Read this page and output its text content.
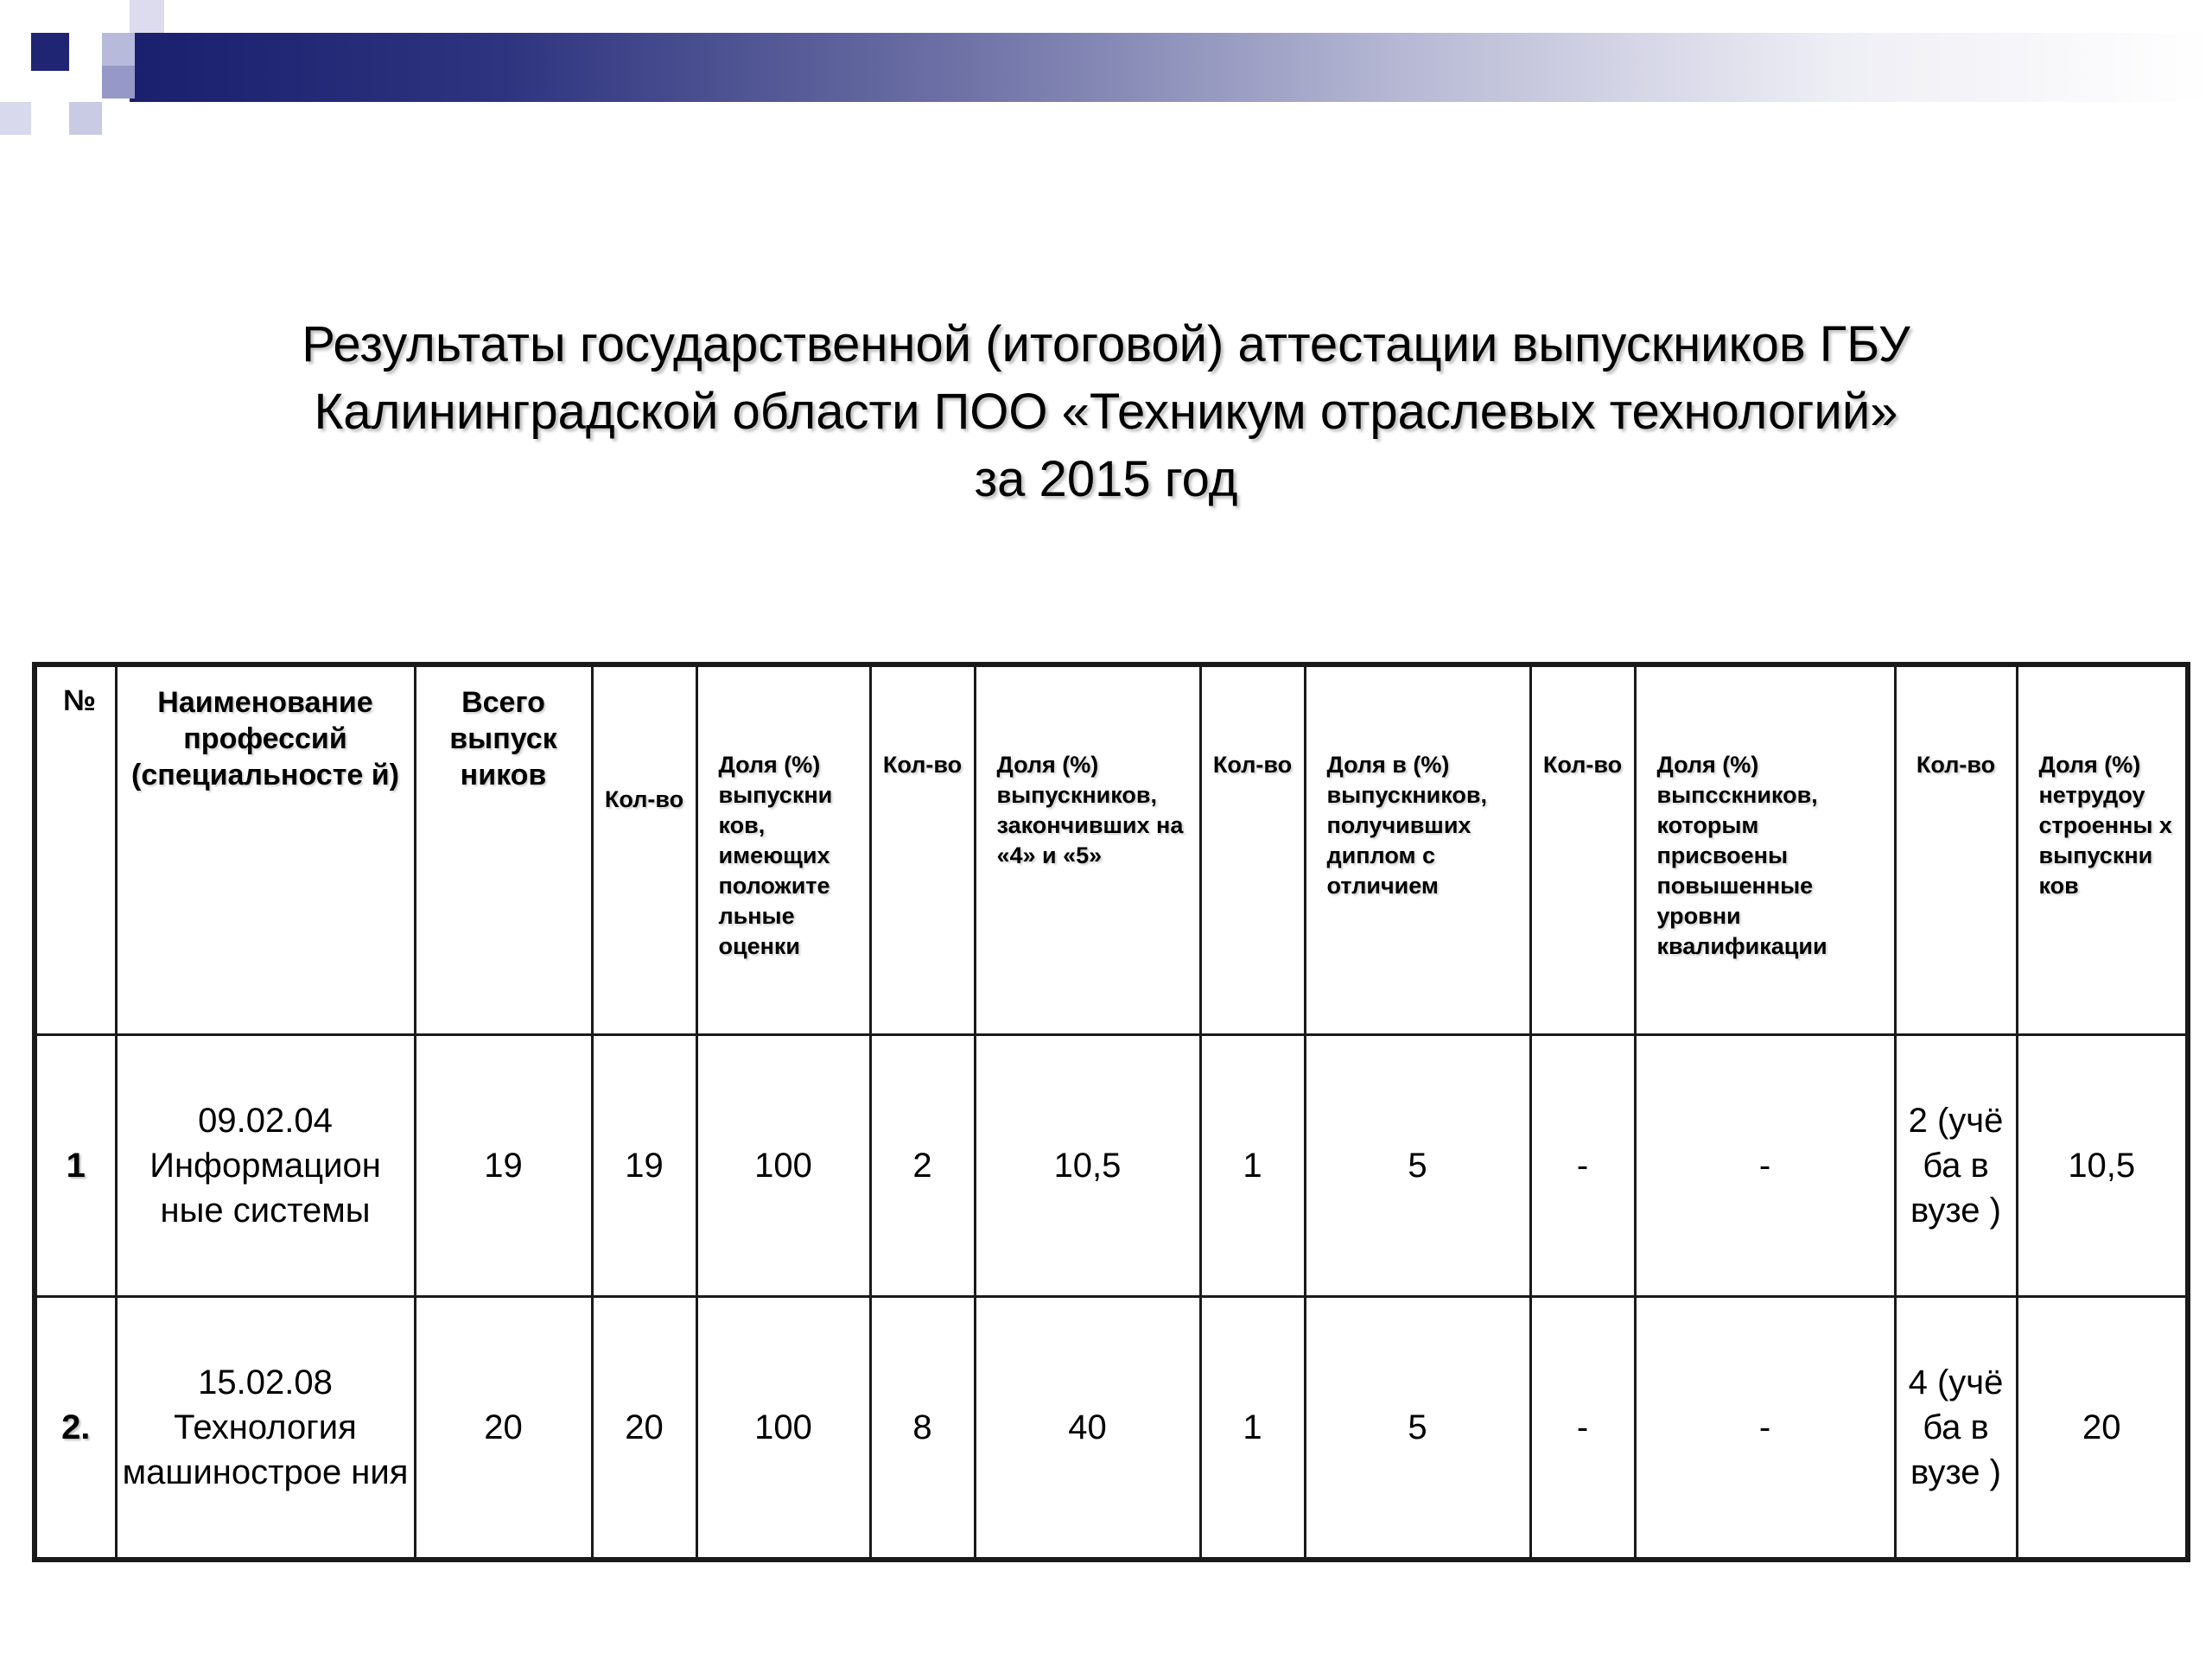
Результаты государственной (итоговой) аттестации выпускников ГБУ
Калининградской области ПОО «Техникум отраслевых технологий»
за 2015 год
№	Наименование профессий (специальносте й)	Всего выпуск ников	Кол-во	Доля (%) выпускни ков, имеющих положите льные оценки	Кол-во	Доля (%) выпускников, закончивших на «4» и «5»	Кол-во	Доля в (%) выпускников, получивших диплом с отличием	Кол-во	Доля (%) выпсскников, которым присвоены повышенные уровни квалификации	Кол-во	Доля (%) нетрудоу строенны х выпускни ков

1	09.02.04 Информацион ные системы	19	19	100	2	10,5	1	5	-	-	2 (учё ба в вузе )	10,5

2.	15.02.08 Технология машинострое ния	20	20	100	8	40	1	5	-	-	4 (учё ба в вузе )	20
